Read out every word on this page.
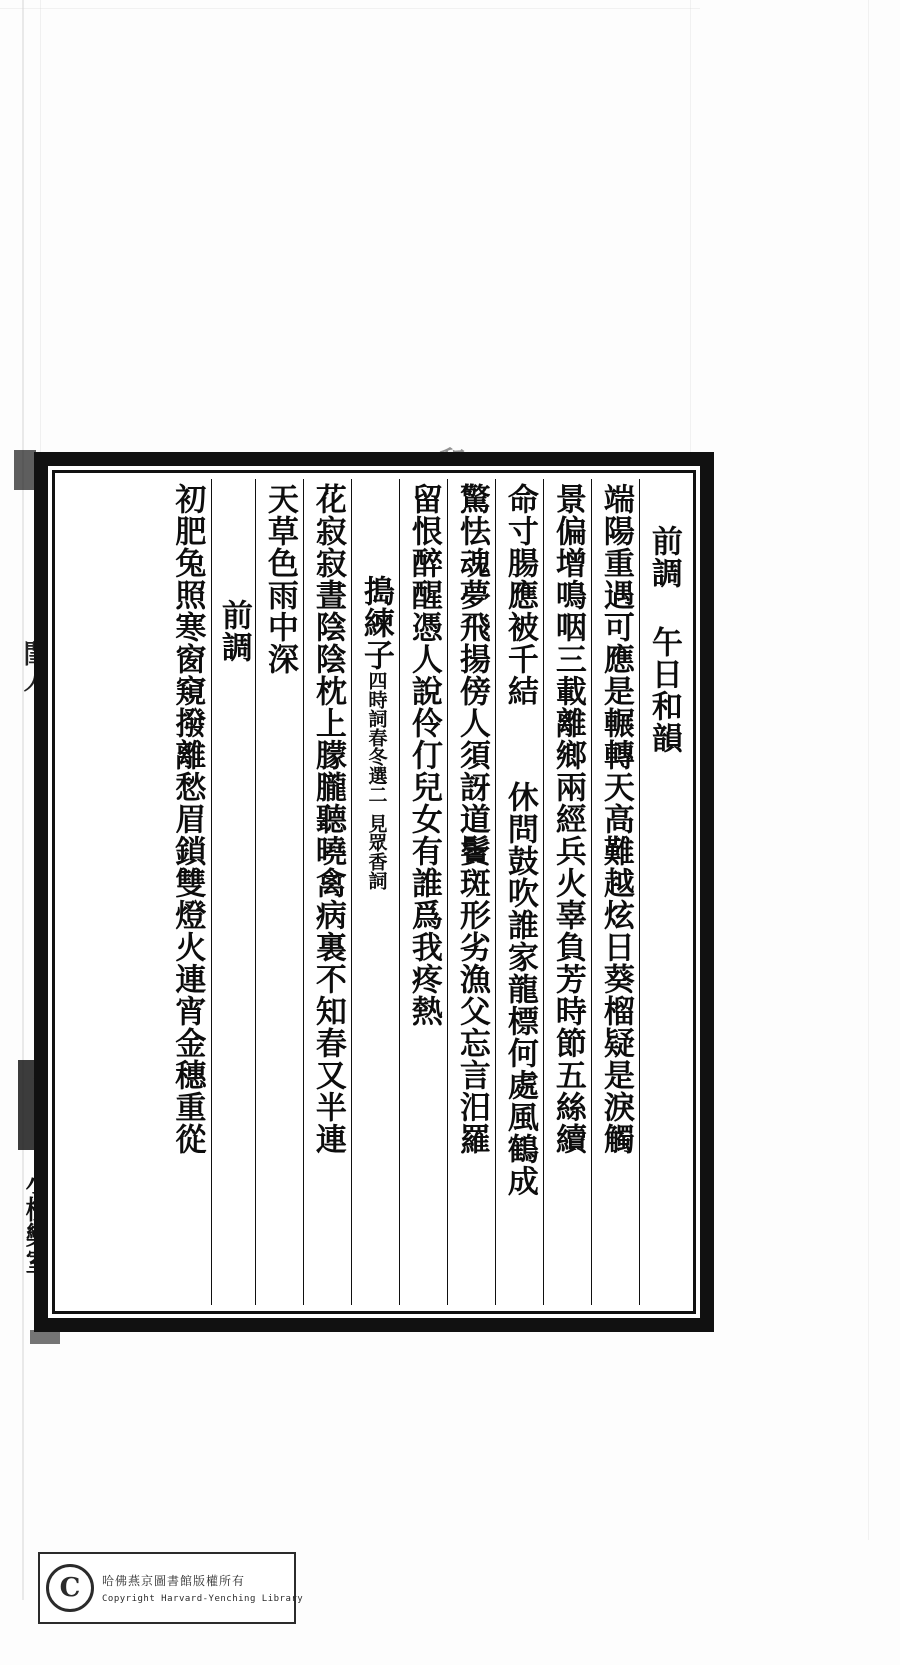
前調 午日和韻
端陽重遇可應是輾轉天高難越炫日葵榴疑是淚觸
景偏增鳴咽三載離鄉兩經兵火辜負芳時節五絲續
命寸腸應被千結  休問鼓吹誰家龍標何處風鶴成
驚怯魂夢飛揚傍人須訝道鬢斑形劣漁父忘言汨羅
留恨醉醒憑人說伶仃兒女有誰爲我疼熱
搗練子
四時詞春冬選二
見眾香詞
花寂寂晝陰陰枕上朦朧聽曉禽病裏不知春又半連
天草色雨中深
前調
初肥兔照寒窗窺撥離愁眉鎖雙燈火連宵金穗重從
C	哈佛燕京圖書館版權所有
Copyright Harvard-Yenching Library
